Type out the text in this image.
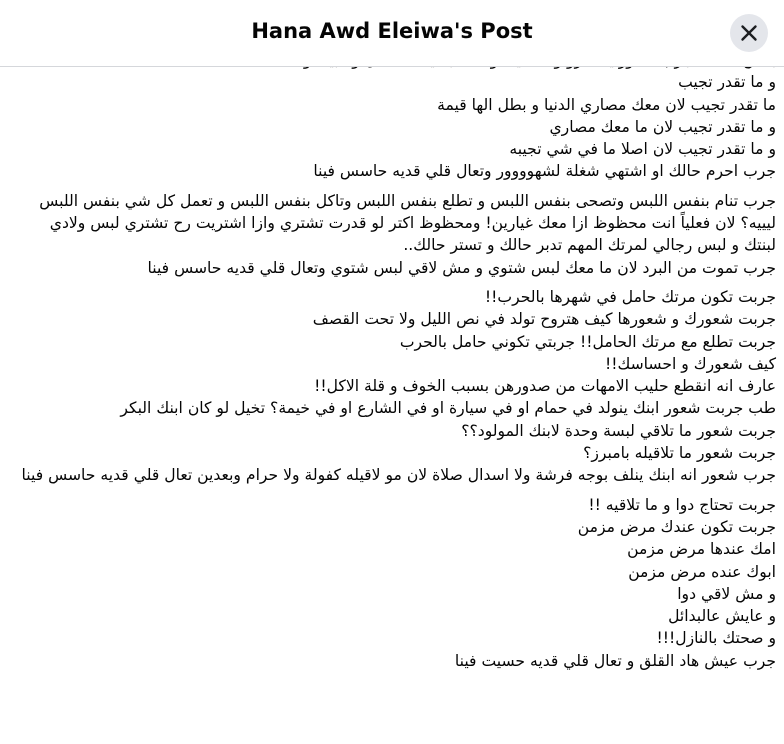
Hana Awd Eleiwa's Post
و ما تقدر تجيب
ما تقدر تجيب لان معك مصاري الدنيا و بطل الها قيمة
و ما تقدر تجيب لان ما معك مصاري
و ما تقدر تجيب لان اصلا ما في شي تجيبه
جرب احرم حالك او اشتهي شغلة لشهوووور وتعال قلي قديه حاسس فينا
جرب تنام بنفس اللبس وتصحى بنفس اللبس و تطلع بنفس اللبس وتاكل بنفس اللبس و تعمل كل شي بنفس اللبس
ليييه؟ لان فعلياً انت محظوظ ازا معك غيارين! ومحظوظ اكتر لو قدرت تشتري وازا اشتريت رح تشتري لبس ولادي لبنتك و لبس رجالي لمرتك المهم تدبر حالك و تستر حالك..
جرب تموت من البرد لان ما معك لبس شتوي و مش لاقي لبس شتوي وتعال قلي قديه حاسس فينا
جربت تكون مرتك حامل في شهرها بالحرب!!
جربت شعورك و شعورها كيف هتروح تولد في نص الليل ولا تحت القصف
جربت تطلع مع مرتك الحامل!! جربتي تكوني حامل بالحرب
كيف شعورك و احساسك!!
عارف انه انقطع حليب الامهات من صدورهن بسبب الخوف و قلة الاكل!!
طب جربت شعور ابنك ينولد في حمام او في سيارة او في الشارع او في خيمة؟ تخيل لو كان ابنك البكر
جربت شعور ما تلاقي لبسة وحدة لابنك المولود؟؟
جربت شعور ما تلاقيله بامبرز؟
جرب شعور انه ابنك ينلف بوجه فرشة ولا اسدال صلاة لان مو لاقيله كفولة ولا حرام وبعدين تعال قلي قديه حاسس فينا
جربت تحتاج دوا و ما تلاقيه !!
جربت تكون عندك مرض مزمن
امك عندها مرض مزمن
ابوك عنده مرض مزمن
و مش لاقي دوا
و عايش عالبدائل
و صحتك بالنازل!!!
جرب عيش هاد القلق و تعال قلي قديه حسيت فينا
